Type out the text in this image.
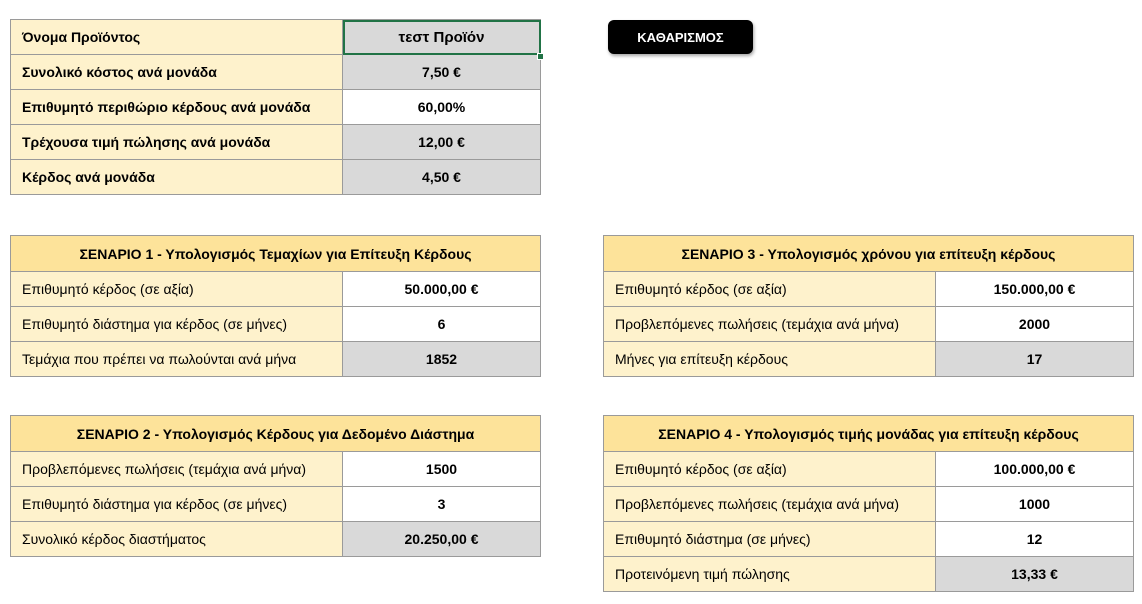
ΚΑΘΑΡΙΣΜΟΣ
Όνομα Προϊόντος	τεστ Προϊόν
Συνολικό κόστος ανά μονάδα	7,50 €
Επιθυμητό περιθώριο κέρδους ανά μονάδα	60,00%
Τρέχουσα τιμή πώλησης ανά μονάδα	12,00 €
Κέρδος ανά μονάδα	4,50 €
ΣΕΝΑΡΙΟ 1 - Υπολογισμός Τεμαχίων για Επίτευξη Κέρδους	
Επιθυμητό κέρδος (σε αξία)	50.000,00 €
Επιθυμητό διάστημα για κέρδος (σε μήνες)	6
Τεμάχια που πρέπει να πωλούνται ανά μήνα	1852
ΣΕΝΑΡΙΟ 2 - Υπολογισμός Κέρδους για Δεδομένο Διάστημα	
Προβλεπόμενες πωλήσεις (τεμάχια ανά μήνα)	1500
Επιθυμητό διάστημα για κέρδος (σε μήνες)	3
Συνολικό κέρδος διαστήματος	20.250,00 €
ΣΕΝΑΡΙΟ 3 - Υπολογισμός χρόνου για επίτευξη κέρδους	
Επιθυμητό κέρδος (σε αξία)	150.000,00 €
Προβλεπόμενες πωλήσεις (τεμάχια ανά μήνα)	2000
Μήνες για επίτευξη κέρδους	17
ΣΕΝΑΡΙΟ 4 - Υπολογισμός τιμής μονάδας για επίτευξη κέρδους	
Επιθυμητό κέρδος (σε αξία)	100.000,00 €
Προβλεπόμενες πωλήσεις (τεμάχια ανά μήνα)	1000
Επιθυμητό διάστημα (σε μήνες)	12
Προτεινόμενη τιμή πώλησης	13,33 €
